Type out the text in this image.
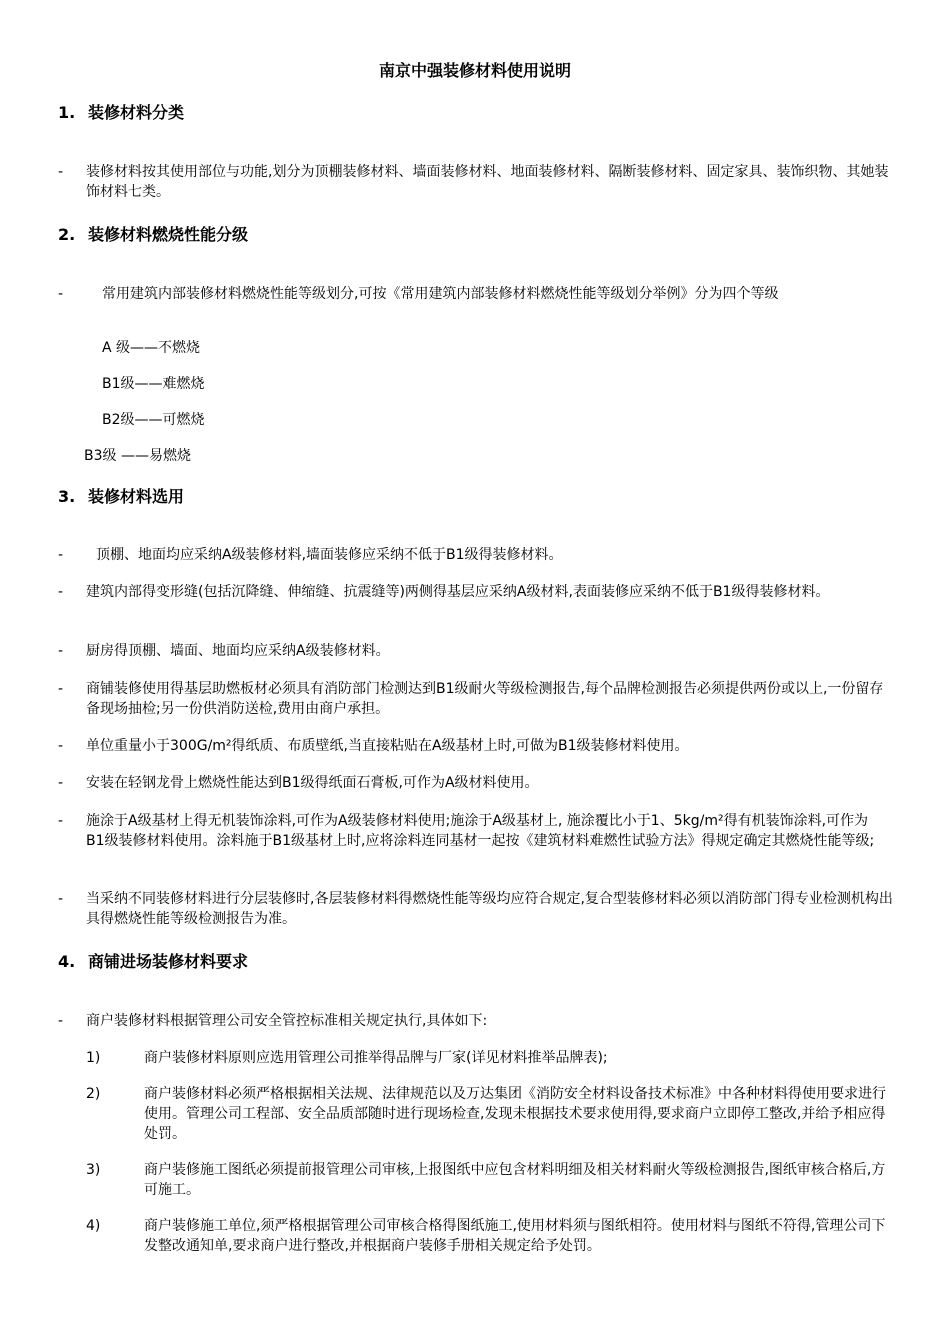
南京中强装修材料使用说明
1. 装修材料分类
- 装修材料按其使用部位与功能,划分为顶棚装修材料、墙面装修材料、地面装修材料、隔断装修材料、固定家具、装饰织物、其她装饰材料七类。

2. 装修材料燃烧性能分级
-	常用建筑内部装修材料燃烧性能等级划分,可按《常用建筑内部装修材料燃烧性能等级划分举例》分为四个等级

A 级——不燃烧

B1级——难燃烧

B2级——可燃烧

B3级 ——易燃烧

3. 装修材料选用
-	顶棚、地面均应采纳A级装修材料,墙面装修应采纳不低于B1级得装修材料。

- 建筑内部得变形缝(包括沉降缝、伸缩缝、抗震缝等)两侧得基层应采纳A级材料,表面装修应采纳不低于B1级得装修材料。

- 厨房得顶棚、墙面、地面均应采纳A级装修材料。

- 商铺装修使用得基层助燃板材必须具有消防部门检测达到B1级耐火等级检测报告,每个品牌检测报告必须提供两份或以上,一份留存备现场抽检;另一份供消防送检,费用由商户承担。

- 单位重量小于300G/m²得纸质、布质壁纸,当直接粘贴在A级基材上时,可做为B1级装修材料使用。

- 安装在轻钢龙骨上燃烧性能达到B1级得纸面石膏板,可作为A级材料使用。

- 施涂于A级基材上得无机装饰涂料,可作为A级装修材料使用;施涂于A级基材上, 施涂覆比小于1、5kg/m²得有机装饰涂料,可作为B1级装修材料使用。涂料施于B1级基材上时,应将涂料连同基材一起按《建筑材料难燃性试验方法》得规定确定其燃烧性能等级;

- 当采纳不同装修材料进行分层装修时,各层装修材料得燃烧性能等级均应符合规定,复合型装修材料必须以消防部门得专业检测机构出具得燃烧性能等级检测报告为准。

4. 商铺进场装修材料要求
- 商户装修材料根据管理公司安全管控标准相关规定执行,具体如下:

1)	商户装修材料原则应选用管理公司推举得品牌与厂家(详见材料推举品牌表);

2)	商户装修材料必须严格根据相关法规、法律规范以及万达集团《消防安全材料设备技术标准》中各种材料得使用要求进行使用。管理公司工程部、安全品质部随时进行现场检查,发现未根据技术要求使用得,要求商户立即停工整改,并给予相应得处罚。

3)	商户装修施工图纸必须提前报管理公司审核,上报图纸中应包含材料明细及相关材料耐火等级检测报告,图纸审核合格后,方可施工。

4)	商户装修施工单位,须严格根据管理公司审核合格得图纸施工,使用材料须与图纸相符。使用材料与图纸不符得,管理公司下发整改通知单,要求商户进行整改,并根据商户装修手册相关规定给予处罚。
